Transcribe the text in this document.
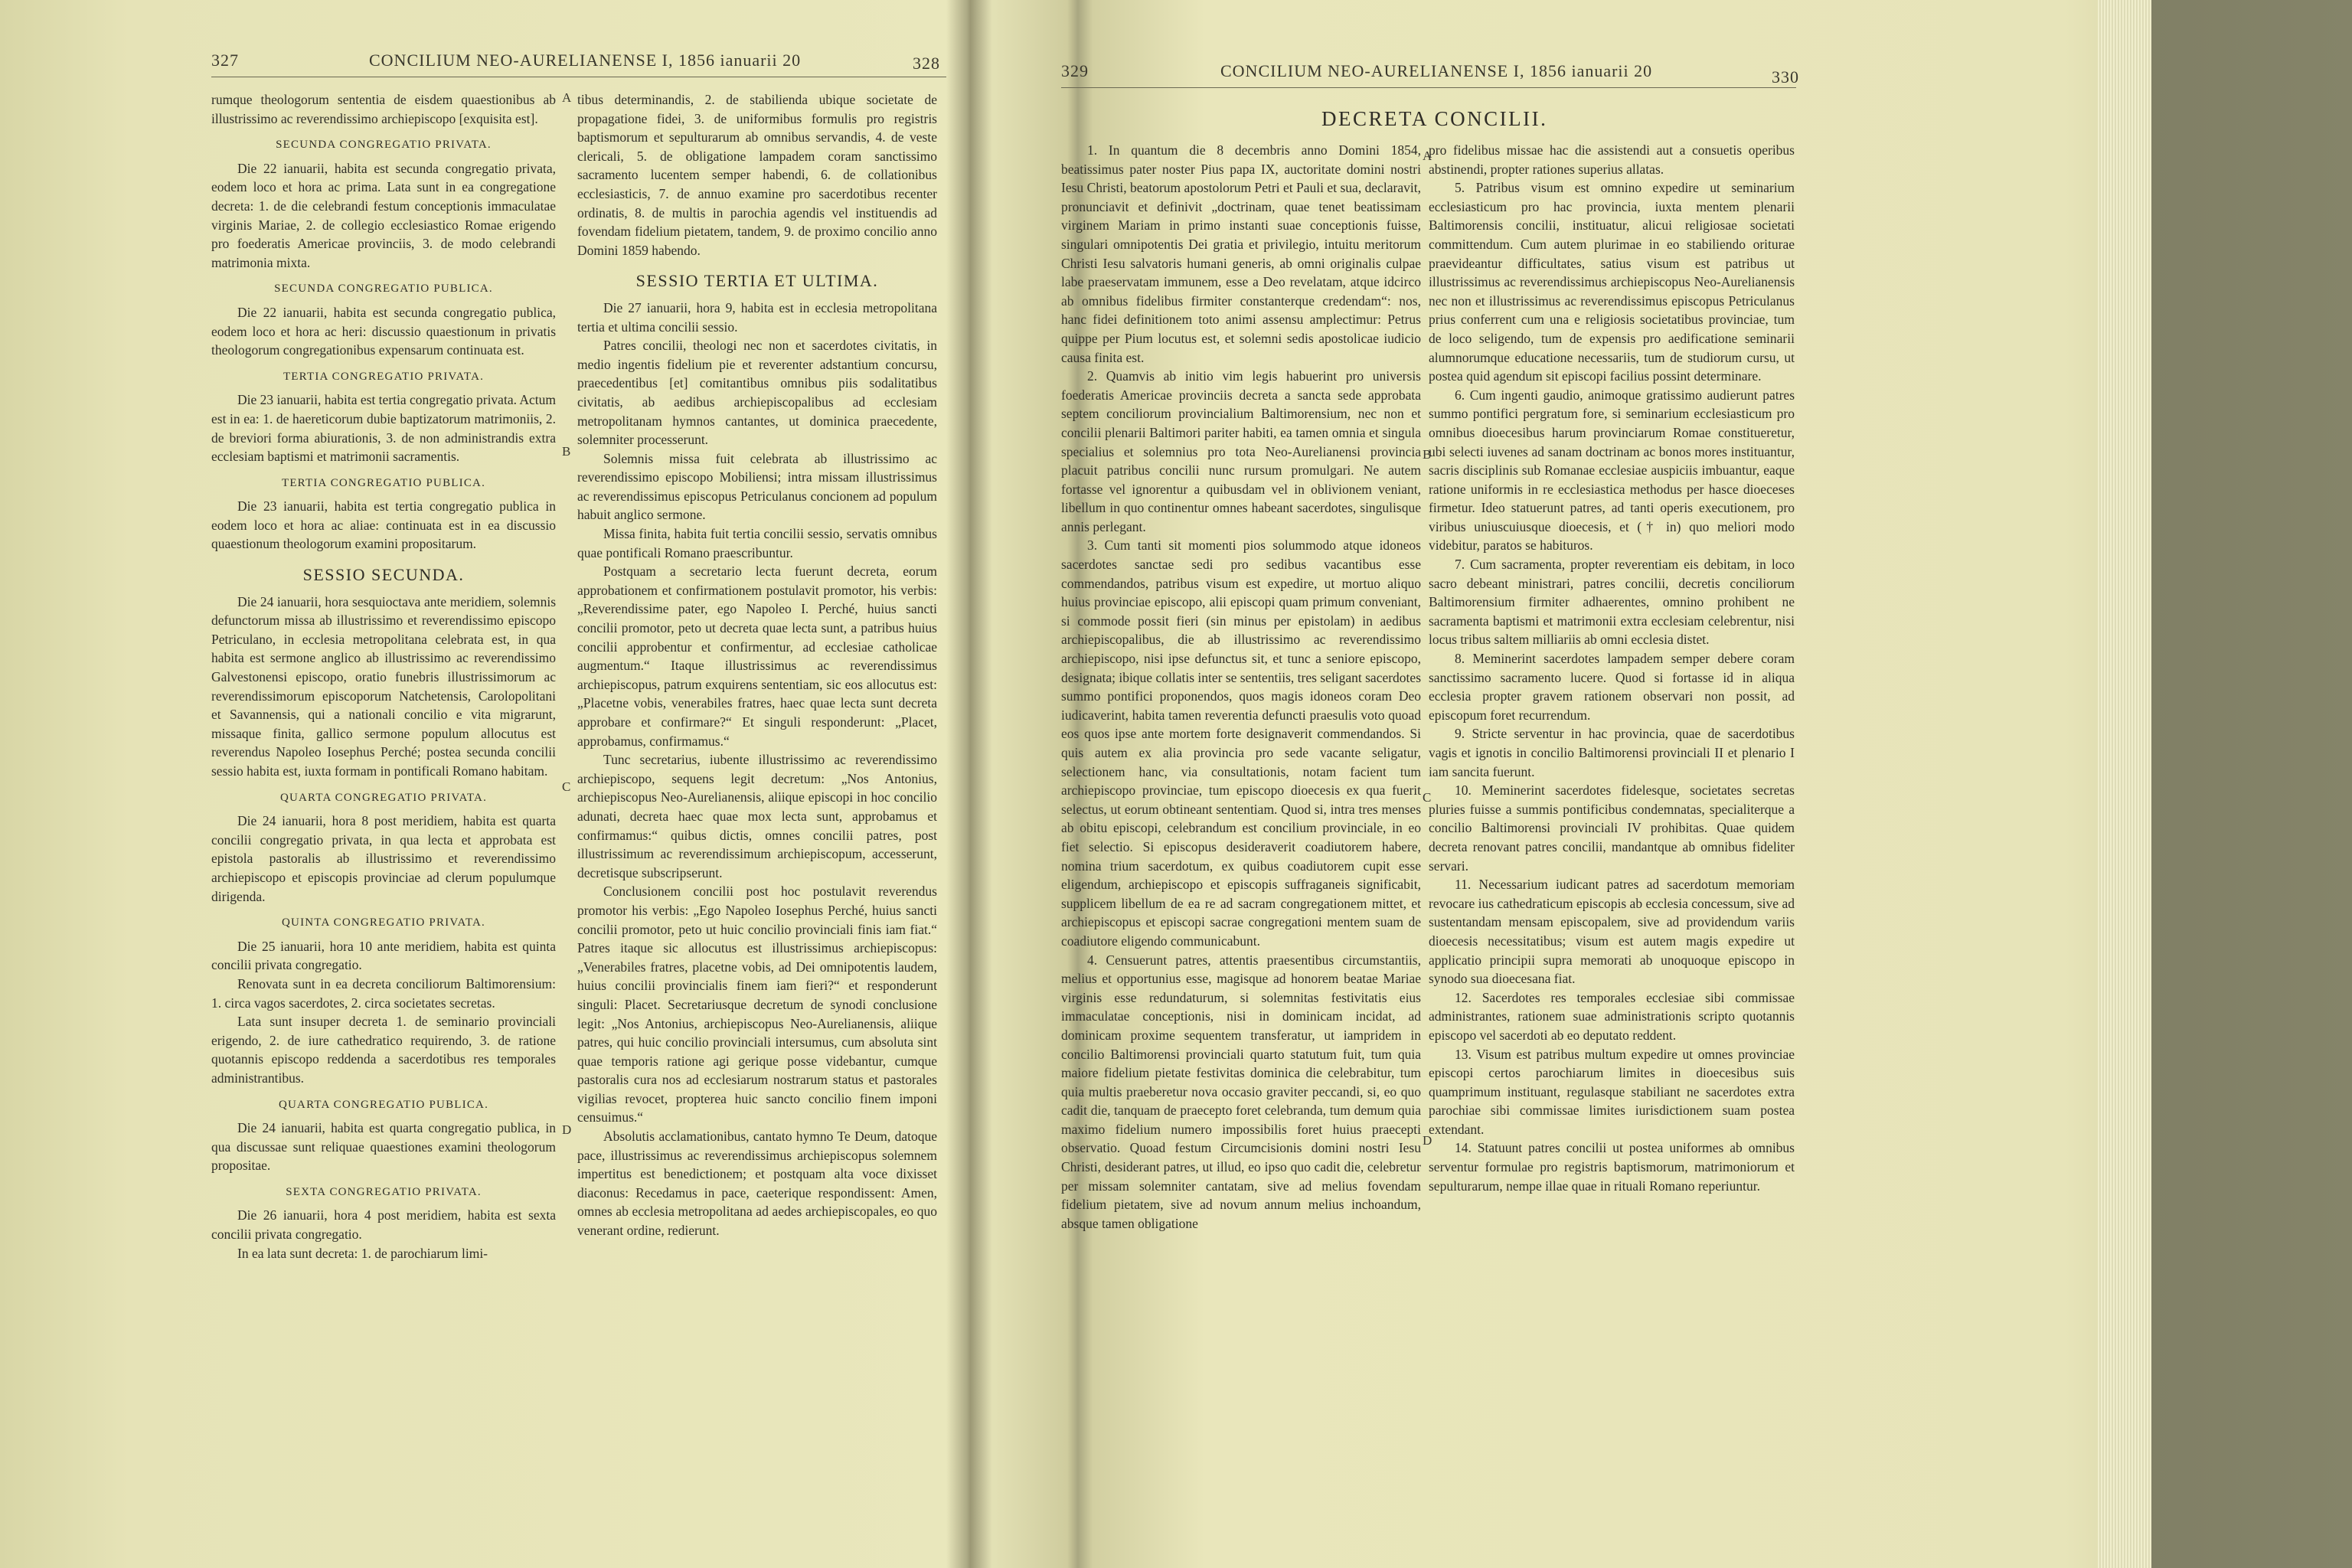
327	CONCILIUM NEO-AURELIANENSE I, 1856 ianuarii 20	328	329	CONCILIUM NEO-AURELIANENSE I, 1856 ianuarii 20	330
DECRETA CONCILII.

rumque theologorum sententia de eisdem quaestionibus ab illustrissimo ac reverendissimo archiepiscopo [exquisita est].

SECUNDA CONGREGATIO PRIVATA.

Die 22 ianuarii, habita est secunda congregatio privata, eodem loco et hora ac prima. Lata sunt in ea congregatione decreta: 1. de die celebrandi festum conceptionis immaculatae virginis Mariae, 2. de collegio ecclesiastico Romae erigendo pro foederatis Americae provinciis, 3. de modo celebrandi matrimonia mixta.

SECUNDA CONGREGATIO PUBLICA.

Die 22 ianuarii, habita est secunda congregatio publica, eodem loco et hora ac heri: discussio quaestionum in privatis theologorum congregationibus expensarum continuata est.

TERTIA CONGREGATIO PRIVATA.

Die 23 ianuarii, habita est tertia congregatio privata. Actum est in ea: 1. de haereticorum dubie baptizatorum matrimoniis, 2. de breviori forma abiurationis, 3. de non administrandis extra ecclesiam baptismi et matrimonii sacramentis.

TERTIA CONGREGATIO PUBLICA.

Die 23 ianuarii, habita est tertia congregatio publica in eodem loco et hora ac aliae: continuata est in ea discussio quaestionum theologorum examini propositarum.

SESSIO SECUNDA.

Die 24 ianuarii, hora sesquioctava ante meridiem, solemnis defunctorum missa ab illustrissimo et reverendissimo episcopo Petriculano, in ecclesia metropolitana celebrata est, in qua habita est sermone anglico ab illustrissimo ac reverendissimo Galvestonensi episcopo, oratio funebris illustrissimorum ac reverendissimorum episcoporum Natchetensis, Carolopolitani et Savannensis, qui a nationali concilio e vita migrarunt, missaque finita, gallico sermone populum allocutus est reverendus Napoleo Iosephus Perché; postea secunda concilii sessio habita est, iuxta formam in pontificali Romano habitam.

QUARTA CONGREGATIO PRIVATA.

Die 24 ianuarii, hora 8 post meridiem, habita est quarta concilii congregatio privata, in qua lecta et approbata est epistola pastoralis ab illustrissimo et reverendissimo archiepiscopo et episcopis provinciae ad clerum populumque dirigenda.

QUINTA CONGREGATIO PRIVATA.

Die 25 ianuarii, hora 10 ante meridiem, habita est quinta concilii privata congregatio.

Renovata sunt in ea decreta conciliorum Baltimorensium: 1. circa vagos sacerdotes, 2. circa societates secretas.

Lata sunt insuper decreta 1. de seminario provinciali erigendo, 2. de iure cathedratico requirendo, 3. de ratione quotannis episcopo reddenda a sacerdotibus res temporales administrantibus.

QUARTA CONGREGATIO PUBLICA.

Die 24 ianuarii, habita est quarta congregatio publica, in qua discussae sunt reliquae quaestiones examini theologorum propositae.

SEXTA CONGREGATIO PRIVATA.

Die 26 ianuarii, hora 4 post meridiem, habita est sexta concilii privata congregatio.

In ea lata sunt decreta: 1. de parochiarum limi-

tibus determinandis, 2. de stabilienda ubique societate de propagatione fidei, 3. de uniformibus formulis pro registris baptismorum et sepulturarum ab omnibus servandis, 4. de veste clericali, 5. de obligatione lampadem coram sanctissimo sacramento lucentem semper habendi, 6. de collationibus ecclesiasticis, 7. de annuo examine pro sacerdotibus recenter ordinatis, 8. de multis in parochia agendis vel instituendis ad fovendam fidelium pietatem, tandem, 9. de proximo concilio anno Domini 1859 habendo.

SESSIO TERTIA ET ULTIMA.

Die 27 ianuarii, hora 9, habita est in ecclesia metropolitana tertia et ultima concilii sessio.

Patres concilii, theologi nec non et sacerdotes civitatis, in medio ingentis fidelium pie et reverenter adstantium concursu, praecedentibus [et] comitantibus omnibus piis sodalitatibus civitatis, ab aedibus archiepiscopalibus ad ecclesiam metropolitanam hymnos cantantes, ut dominica praecedente, solemniter processerunt.

Solemnis missa fuit celebrata ab illustrissimo ac reverendissimo episcopo Mobiliensi; intra missam illustrissimus ac reverendissimus episcopus Petriculanus concionem ad populum habuit anglico sermone.

Missa finita, habita fuit tertia concilii sessio, servatis omnibus quae pontificali Romano praescribuntur.

Postquam a secretario lecta fuerunt decreta, eorum approbationem et confirmationem postulavit promotor, his verbis: „Reverendissime pater, ego Napoleo I. Perché, huius sancti concilii promotor, peto ut decreta quae lecta sunt, a patribus huius concilii approbentur et confirmentur, ad ecclesiae catholicae augmentum.“ Itaque illustrissimus ac reverendissimus archiepiscopus, patrum exquirens sententiam, sic eos allocutus est: „Placetne vobis, venerabiles fratres, haec quae lecta sunt decreta approbare et confirmare?“ Et singuli responderunt: „Placet, approbamus, confirmamus.“

Tunc secretarius, iubente illustrissimo ac reverendissimo archiepiscopo, sequens legit decretum: „Nos Antonius, archiepiscopus Neo-Aurelianensis, aliique episcopi in hoc concilio adunati, decreta haec quae mox lecta sunt, approbamus et confirmamus:“ quibus dictis, omnes concilii patres, post illustrissimum ac reverendissimum archiepiscopum, accesserunt, decretisque subscripserunt.

Conclusionem concilii post hoc postulavit reverendus promotor his verbis: „Ego Napoleo Iosephus Perché, huius sancti concilii promotor, peto ut huic concilio provinciali finis iam fiat.“ Patres itaque sic allocutus est illustrissimus archiepiscopus: „Venerabiles fratres, placetne vobis, ad Dei omnipotentis laudem, huius concilii provincialis finem iam fieri?“ et responderunt singuli: Placet. Secretariusque decretum de synodi conclusione legit: „Nos Antonius, archiepiscopus Neo-Aurelianensis, aliique patres, qui huic concilio provinciali intersumus, cum absoluta sint quae temporis ratione agi gerique posse videbantur, cumque pastoralis cura nos ad ecclesiarum nostrarum status et pastorales vigilias revocet, propterea huic sancto concilio finem imponi censuimus.“

Absolutis acclamationibus, cantato hymno Te Deum, datoque pace, illustrissimus ac reverendissimus archiepiscopus solemnem impertitus est benedictionem; et postquam alta voce dixisset diaconus: Recedamus in pace, caeterique respondissent: Amen, omnes ab ecclesia metropolitana ad aedes archiepiscopales, eo quo venerant ordine, redierunt.

1. In quantum die 8 decembris anno Domini 1854, beatissimus pater noster Pius papa IX, auctoritate domini nostri Iesu Christi, beatorum apostolorum Petri et Pauli et sua, declaravit, pronunciavit et definivit „doctrinam, quae tenet beatissimam virginem Mariam in primo instanti suae conceptionis fuisse, singulari omnipotentis Dei gratia et privilegio, intuitu meritorum Christi Iesu salvatoris humani generis, ab omni originalis culpae labe praeservatam immunem, esse a Deo revelatam, atque idcirco ab omnibus fidelibus firmiter constanterque credendam“: nos, hanc fidei definitionem toto animi assensu amplectimur: Petrus quippe per Pium locutus est, et solemni sedis apostolicae iudicio causa finita est.

2. Quamvis ab initio vim legis habuerint pro universis foederatis Americae provinciis decreta a sancta sede approbata septem conciliorum provincialium Baltimorensium, nec non et concilii plenarii Baltimori pariter habiti, ea tamen omnia et singula specialius et solemnius pro tota Neo-Aurelianensi provincia placuit patribus concilii nunc rursum promulgari. Ne autem fortasse vel ignorentur a quibusdam vel in oblivionem veniant, libellum in quo continentur omnes habeant sacerdotes, singulisque annis perlegant.

3. Cum tanti sit momenti pios solummodo atque idoneos sacerdotes sanctae sedi pro sedibus vacantibus esse commendandos, patribus visum est expedire, ut mortuo aliquo huius provinciae episcopo, alii episcopi quam primum conveniant, si commode possit fieri (sin minus per epistolam) in aedibus archiepiscopalibus, die ab illustrissimo ac reverendissimo archiepiscopo, nisi ipse defunctus sit, et tunc a seniore episcopo, designata; ibique collatis inter se sententiis, tres seligant sacerdotes summo pontifici proponendos, quos magis idoneos coram Deo iudicaverint, habita tamen reverentia defuncti praesulis voto quoad eos quos ipse ante mortem forte designaverit commendandos. Si quis autem ex alia provincia pro sede vacante seligatur, selectionem hanc, via consultationis, notam facient tum archiepiscopo provinciae, tum episcopo dioecesis ex qua fuerit selectus, ut eorum obtineant sententiam. Quod si, intra tres menses ab obitu episcopi, celebrandum est concilium provinciale, in eo fiet selectio. Si episcopus desideraverit coadiutorem habere, nomina trium sacerdotum, ex quibus coadiutorem cupit esse eligendum, archiepiscopo et episcopis suffraganeis significabit, supplicem libellum de ea re ad sacram congregationem mittet, et archiepiscopus et episcopi sacrae congregationi mentem suam de coadiutore eligendo communicabunt.

4. Censuerunt patres, attentis praesentibus circumstantiis, melius et opportunius esse, magisque ad honorem beatae Mariae virginis esse redundaturum, si solemnitas festivitatis eius immaculatae conceptionis, nisi in dominicam incidat, ad dominicam proxime sequentem transferatur, ut iampridem in concilio Baltimorensi provinciali quarto statutum fuit, tum quia maiore fidelium pietate festivitas dominica die celebrabitur, tum quia multis praeberetur nova occasio graviter peccandi, si, eo quo cadit die, tanquam de praecepto foret celebranda, tum demum quia maximo fidelium numero impossibilis foret huius praecepti observatio. Quoad festum Circumcisionis domini nostri Iesu Christi, desiderant patres, ut illud, eo ipso quo cadit die, celebretur per missam solemniter cantatam, sive ad melius fovendam fidelium pietatem, sive ad novum annum melius inchoandum, absque tamen obligatione

pro fidelibus missae hac die assistendi aut a consuetis operibus abstinendi, propter rationes superius allatas.

5. Patribus visum est omnino expedire ut seminarium ecclesiasticum pro hac provincia, iuxta mentem plenarii Baltimorensis concilii, instituatur, alicui religiosae societati committendum. Cum autem plurimae in eo stabiliendo oriturae praevideantur difficultates, satius visum est patribus ut illustrissimus ac reverendissimus archiepiscopus Neo-Aurelianensis nec non et illustrissimus ac reverendissimus episcopus Petriculanus prius conferrent cum una e religiosis societatibus provinciae, tum de loco seligendo, tum de expensis pro aedificatione seminarii alumnorumque educatione necessariis, tum de studiorum cursu, ut postea quid agendum sit episcopi facilius possint determinare.

6. Cum ingenti gaudio, animoque gratissimo audierunt patres summo pontifici pergratum fore, si seminarium ecclesiasticum pro omnibus dioecesibus harum provinciarum Romae constitueretur, ubi selecti iuvenes ad sanam doctrinam ac bonos mores instituantur, sacris disciplinis sub Romanae ecclesiae auspiciis imbuantur, eaque ratione uniformis in re ecclesiastica methodus per hasce dioeceses firmetur. Ideo statuerunt patres, ad tanti operis executionem, pro viribus uniuscuiusque dioecesis, et († in) quo meliori modo videbitur, paratos se habituros.

7. Cum sacramenta, propter reverentiam eis debitam, in loco sacro debeant ministrari, patres concilii, decretis conciliorum Baltimorensium firmiter adhaerentes, omnino prohibent ne sacramenta baptismi et matrimonii extra ecclesiam celebrentur, nisi locus tribus saltem milliariis ab omni ecclesia distet.

8. Meminerint sacerdotes lampadem semper debere coram sanctissimo sacramento lucere. Quod si fortasse id in aliqua ecclesia propter gravem rationem observari non possit, ad episcopum foret recurrendum.

9. Stricte serventur in hac provincia, quae de sacerdotibus vagis et ignotis in concilio Baltimorensi provinciali II et plenario I iam sancita fuerunt.

10. Meminerint sacerdotes fidelesque, societates secretas pluries fuisse a summis pontificibus condemnatas, specialiterque a concilio Baltimorensi provinciali IV prohibitas. Quae quidem decreta renovant patres concilii, mandantque ab omnibus fideliter servari.

11. Necessarium iudicant patres ad sacerdotum memoriam revocare ius cathedraticum episcopis ab ecclesia concessum, sive ad sustentandam mensam episcopalem, sive ad providendum variis dioecesis necessitatibus; visum est autem magis expedire ut applicatio principii supra memorati ab unoquoque episcopo in synodo sua dioecesana fiat.

12. Sacerdotes res temporales ecclesiae sibi commissae administrantes, rationem suae administrationis scripto quotannis episcopo vel sacerdoti ab eo deputato reddent.

13. Visum est patribus multum expedire ut omnes provinciae episcopi certos parochiarum limites in dioecesibus suis quamprimum instituant, regulasque stabiliant ne sacerdotes extra parochiae sibi commissae limites iurisdictionem suam postea extendant.

14. Statuunt patres concilii ut postea uniformes ab omnibus serventur formulae pro registris baptismorum, matrimoniorum et sepulturarum, nempe illae quae in rituali Romano reperiuntur.

A
B
C
D
A
B
C
D
